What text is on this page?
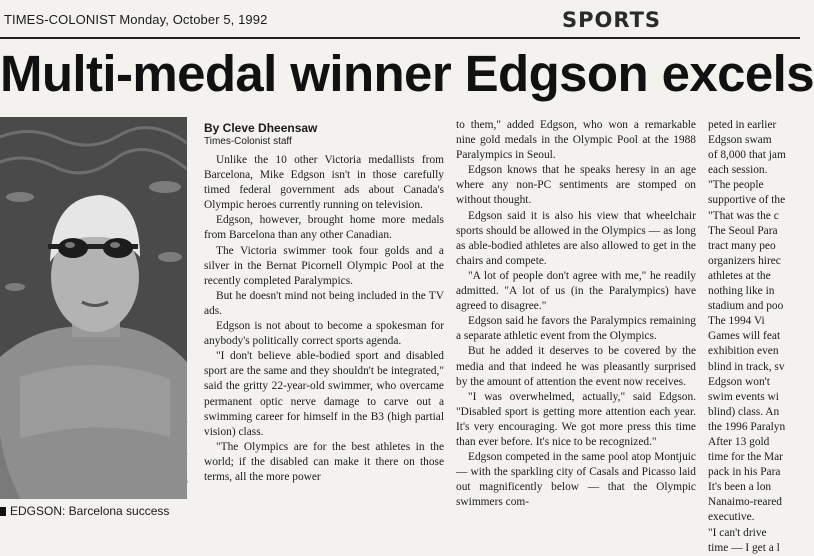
TIMES-COLONIST Monday, October 5, 1992	SPORTS
Multi-medal winner Edgson excels
EDGSON: Barcelona success
By Cleve Dheensaw
Times-Colonist staff

Unlike the 10 other Victoria medallists from Barcelona, Mike Edgson isn't in those carefully timed federal government ads about Canada's Olympic heroes currently running on television.

Edgson, however, brought home more medals from Barcelona than any other Canadian.

The Victoria swimmer took four golds and a silver in the Bernat Picornell Olympic Pool at the recently completed Paralympics.

But he doesn't mind not being included in the TV ads.

Edgson is not about to become a spokesman for anybody's politically correct sports agenda.

"I don't believe able-bodied sport and disabled sport are the same and they shouldn't be integrated," said the gritty 22-year-old swimmer, who overcame permanent optic nerve damage to carve out a swimming career for himself in the B3 (high partial vision) class.

"The Olympics are for the best athletes in the world; if the disabled can make it there on those terms, all the more power

to them," added Edgson, who won a remarkable nine gold medals in the Olympic Pool at the 1988 Paralympics in Seoul.

Edgson knows that he speaks heresy in an age where any non-PC sentiments are stomped on without thought.

Edgson said it is also his view that wheelchair sports should be allowed in the Olympics — as long as able-bodied athletes are also allowed to get in the chairs and compete.

"A lot of people don't agree with me," he readily admitted. "A lot of us (in the Paralympics) have agreed to disagree."

Edgson said he favors the Paralympics remaining a separate athletic event from the Olympics.

But he added it deserves to be covered by the media and that indeed he was pleasantly surprised by the amount of attention the event now receives.

"I was overwhelmed, actually," said Edgson. "Disabled sport is getting more attention each year. It's very encouraging. We got more press this time than ever before. It's nice to be recognized."

Edgson competed in the same pool atop Montjuic — with the sparkling city of Casals and Picasso laid out magnificently below — that the Olympic swimmers com-

peted in earlier

Edgson swam

of 8,000 that jam

each session.

"The people

supportive of the

"That was the c

The Seoul Para

tract many peo

organizers hirec

athletes at the

nothing like in

stadium and poo

The 1994 Vi

Games will feat

exhibition even

blind in track, sv

Edgson won't

swim events wi

blind) class. An

the 1996 Paralyn

After 13 gold

time for the Mar

pack in his Para

It's been a lon

Nanaimo-reared

executive.

"I can't drive

time — I get a l
